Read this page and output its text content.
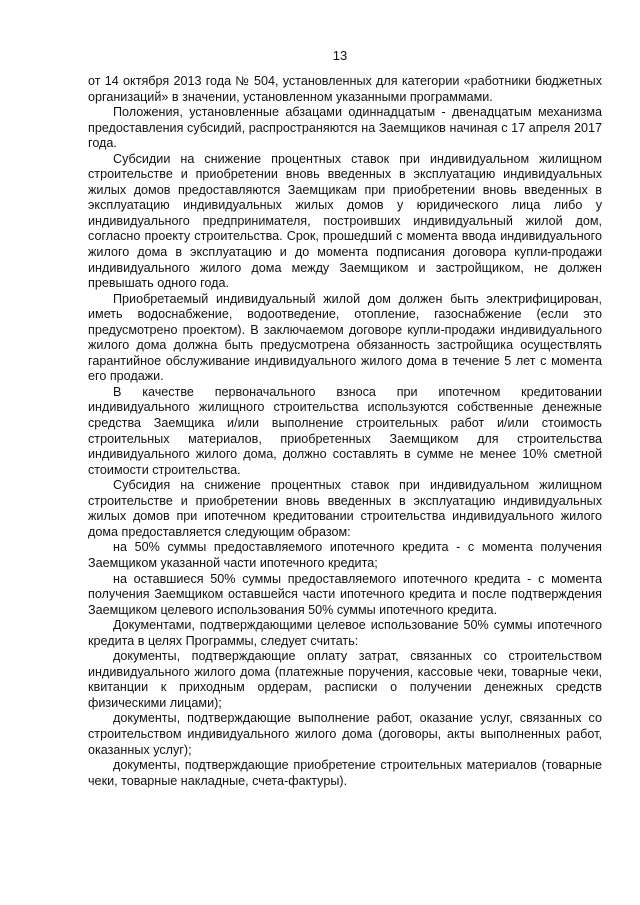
13

от 14 октября 2013 года № 504, установленных для категории «работники бюджетных организаций» в значении, установленном указанными программами.

Положения, установленные абзацами одиннадцатым - двенадцатым механизма предоставления субсидий, распространяются на Заемщиков начиная с 17 апреля 2017 года.

Субсидии на снижение процентных ставок при индивидуальном жилищном строительстве и приобретении вновь введенных в эксплуатацию индивидуальных жилых домов предоставляются Заемщикам при приобретении вновь введенных в эксплуатацию индивидуальных жилых домов у юридического лица либо у индивидуального предпринимателя, построивших индивидуальный жилой дом, согласно проекту строительства. Срок, прошедший с момента ввода индивидуального жилого дома в эксплуатацию и до момента подписания договора купли-продажи индивидуального жилого дома между Заемщиком и застройщиком, не должен превышать одного года.

Приобретаемый индивидуальный жилой дом должен быть электрифицирован, иметь водоснабжение, водоотведение, отопление, газоснабжение (если это предусмотрено проектом). В заключаемом договоре купли-продажи индивидуального жилого дома должна быть предусмотрена обязанность застройщика осуществлять гарантийное обслуживание индивидуального жилого дома в течение 5 лет с момента его продажи.

В качестве первоначального взноса при ипотечном кредитовании индивидуального жилищного строительства используются собственные денежные средства Заемщика и/или выполнение строительных работ и/или стоимость строительных материалов, приобретенных Заемщиком для строительства индивидуального жилого дома, должно составлять в сумме не менее 10% сметной стоимости строительства.

Субсидия на снижение процентных ставок при индивидуальном жилищном строительстве и приобретении вновь введенных в эксплуатацию индивидуальных жилых домов при ипотечном кредитовании строительства индивидуального жилого дома предоставляется следующим образом:

на 50% суммы предоставляемого ипотечного кредита - с момента получения Заемщиком указанной части ипотечного кредита;

на оставшиеся 50% суммы предоставляемого ипотечного кредита - с момента получения Заемщиком оставшейся части ипотечного кредита и после подтверждения Заемщиком целевого использования 50% суммы ипотечного кредита.

Документами, подтверждающими целевое использование 50% суммы ипотечного кредита в целях Программы, следует считать:

документы, подтверждающие оплату затрат, связанных со строительством индивидуального жилого дома (платежные поручения, кассовые чеки, товарные чеки, квитанции к приходным ордерам, расписки о получении денежных средств физическими лицами);

документы, подтверждающие выполнение работ, оказание услуг, связанных со строительством индивидуального жилого дома (договоры, акты выполненных работ, оказанных услуг);

документы, подтверждающие приобретение строительных материалов (товарные чеки, товарные накладные, счета-фактуры).
